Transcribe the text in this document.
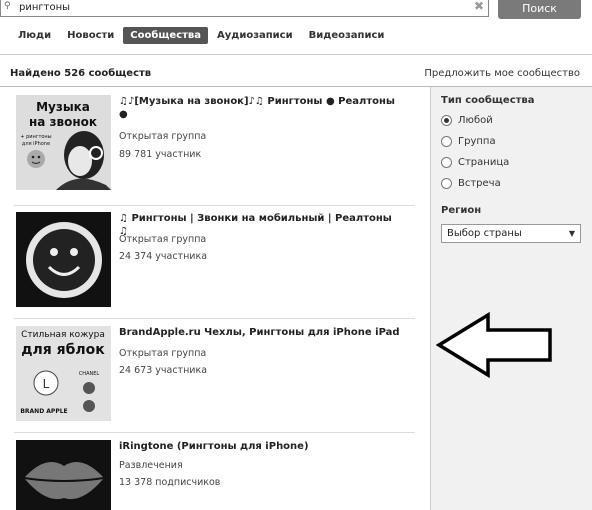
⚲
рингтоны	✖	Поиск
Люди	Новости	Сообщества	Аудиозаписи	Видеозаписи
Найдено 526 сообществ	Предложить мое сообщество
Музыка
на звонок
+ рингтоны
для iPhone
♫♪[Музыка на звонок]♪♫ Рингтоны ● Реалтоны ●
Открытая группа
89 781 участник
♫ Рингтоны | Звонки на мобильный | Реалтоны ♫
Открытая группа
24 374 участника
Стильная кожура
для яблок
L
CHANEL
BRAND APPLE
BrandApple.ru Чехлы, Рингтоны для iPhone iPad
Открытая группа
24 673 участника
iRingtone (Рингтоны для iPhone)
Развлечения
13 378 подписчиков
Тип сообщества
Любой
Группа
Страница
Встреча
Регион
Выбор страны	▼
